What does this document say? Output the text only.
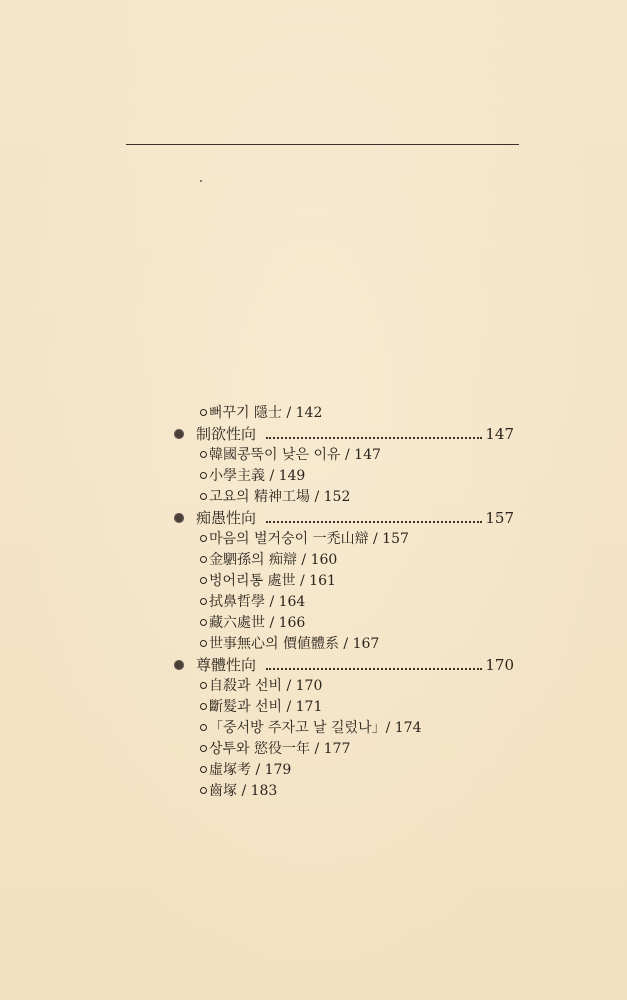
뻐꾸기 隱士 / 142
制欲性向	147
韓國콩뚝이 낮은 이유 / 147
小學主義 / 149
고요의 精神工場 / 152
痴愚性向	157
마음의 벌거숭이 一禿山辯 / 157
金駟孫의 痴辯 / 160
벙어리통 處世 / 161
拭鼻哲學 / 164
藏六處世 / 166
世事無心의 價値體系 / 167
尊體性向	170
自殺과 선비 / 170
斷髮과 선비 / 171
「중서방 주자고 날 길렀나」/ 174
상투와 慾役一年 / 177
虛塚考 / 179
齒塚 / 183
